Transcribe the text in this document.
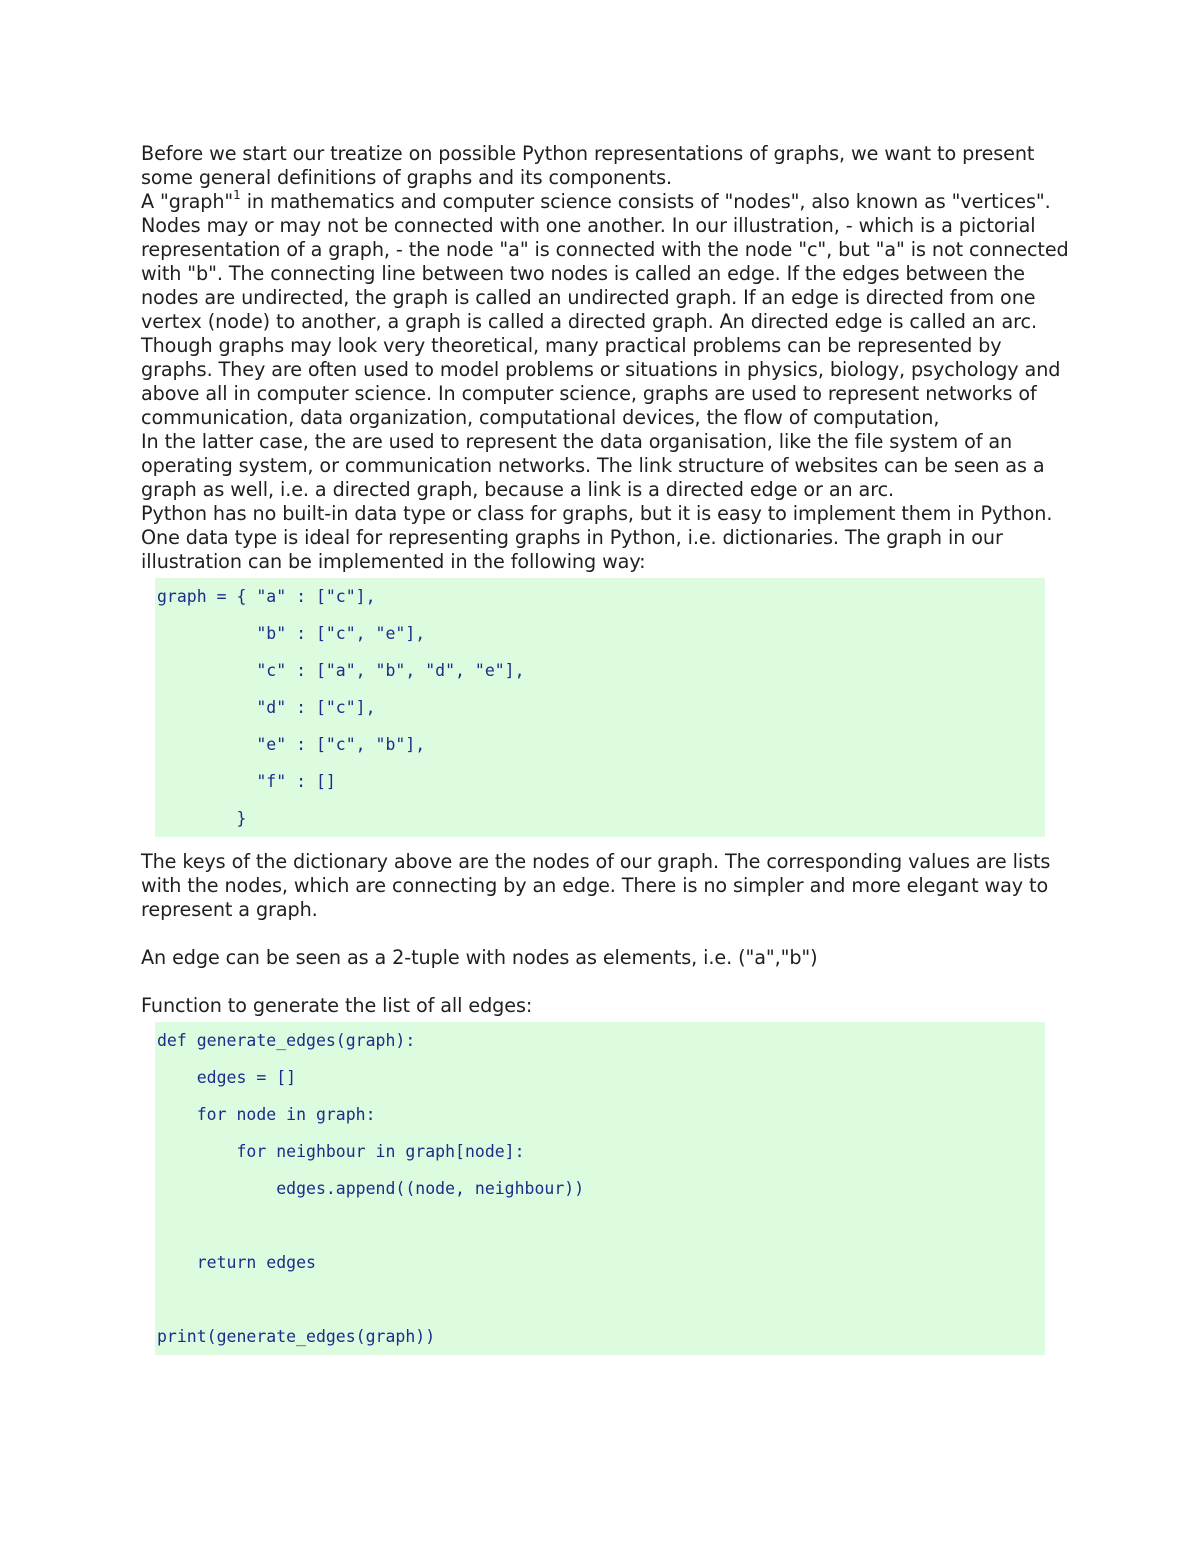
Before we start our treatize on possible Python representations of graphs, we want to present some general definitions of graphs and its components.

A "graph"$^1$ in mathematics and computer science consists of "nodes", also known as "vertices". Nodes may or may not be connected with one another. In our illustration, - which is a pictorial representation of a graph, - the node "a" is connected with the node "c", but "a" is not connected with "b". The connecting line between two nodes is called an edge. If the edges between the nodes are undirected, the graph is called an undirected graph. If an edge is directed from one vertex (node) to another, a graph is called a directed graph. An directed edge is called an arc.

Though graphs may look very theoretical, many practical problems can be represented by graphs. They are often used to model problems or situations in physics, biology, psychology and above all in computer science. In computer science, graphs are used to represent networks of communication, data organization, computational devices, the flow of computation,

In the latter case, the are used to represent the data organisation, like the file system of an operating system, or communication networks. The link structure of websites can be seen as a graph as well, i.e. a directed graph, because a link is a directed edge or an arc.

Python has no built-in data type or class for graphs, but it is easy to implement them in Python. One data type is ideal for representing graphs in Python, i.e. dictionaries. The graph in our illustration can be implemented in the following way:

graph = { "a" : ["c"],
"b" : ["c", "e"],
"c" : ["a", "b", "d", "e"],
"d" : ["c"],
"e" : ["c", "b"],
"f" : []
}

The keys of the dictionary above are the nodes of our graph. The corresponding values are lists with the nodes, which are connecting by an edge. There is no simpler and more elegant way to represent a graph.

An edge can be seen as a 2-tuple with nodes as elements, i.e. ("a","b")

Function to generate the list of all edges:

def generate_edges(graph):
edges = []
for node in graph:
for neighbour in graph[node]:
edges.append((node, neighbour))
return edges
print(generate_edges(graph))
